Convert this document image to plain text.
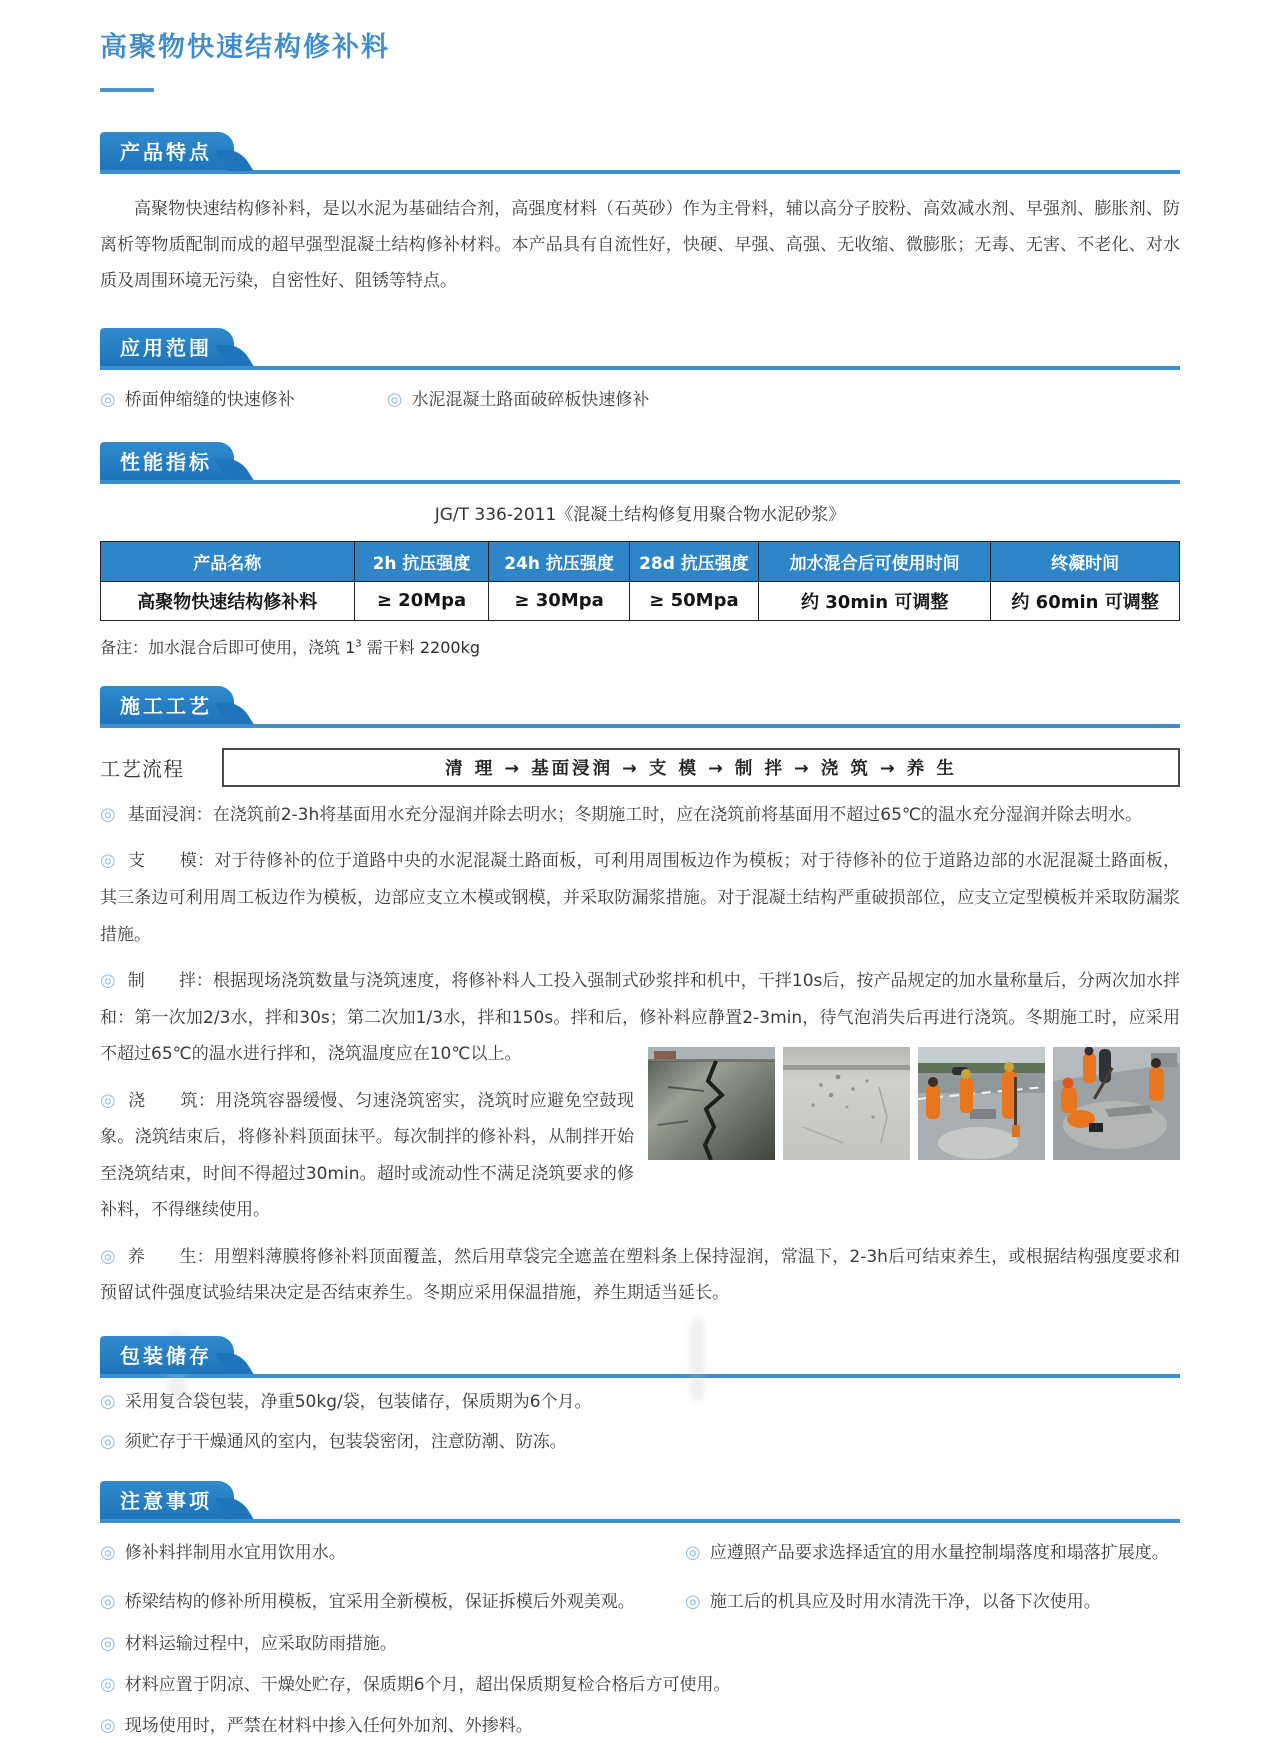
高聚物快速结构修补料
产品特点

高聚物快速结构修补料，是以水泥为基础结合剂，高强度材料（石英砂）作为主骨料，辅以高分子胶粉、高效减水剂、早强剂、膨胀剂、防离析等物质配制而成的超早强型混凝土结构修补材料。本产品具有自流性好，快硬、早强、高强、无收缩、微膨胀；无毒、无害、不老化、对水质及周围环境无污染，自密性好、阻锈等特点。

应用范围
◎ 桥面伸缩缝的快速修补	◎ 水泥混凝土路面破碎板快速修补
性能指标
JG/T 336-2011《混凝土结构修复用聚合物水泥砂浆》
产品名称	2h 抗压强度	24h 抗压强度	28d 抗压强度	加水混合后可使用时间	终凝时间
高聚物快速结构修补料	≥ 20Mpa	≥ 30Mpa	≥ 50Mpa	约 30min 可调整	约 60min 可调整
备注：加水混合后即可使用，浇筑 $1^3$ 需干料 2200kg
施工工艺
工艺流程	清 理 → 基面浸润 → 支 模 → 制 拌 → 浇 筑 → 养 生

◎ 基面浸润：在浇筑前2-3h将基面用水充分湿润并除去明水；冬期施工时，应在浇筑前将基面用不超过65℃的温水充分湿润并除去明水。

◎ 支　　模：对于待修补的位于道路中央的水泥混凝土路面板，可利用周围板边作为模板；对于待修补的位于道路边部的水泥混凝土路面板，其三条边可利用周工板边作为模板，边部应支立木模或钢模，并采取防漏浆措施。对于混凝土结构严重破损部位，应支立定型模板并采取防漏浆措施。

◎ 制　　拌：根据现场浇筑数量与浇筑速度，将修补料人工投入强制式砂浆拌和机中，干拌10s后，按产品规定的加水量称量后，分两次加水拌和：第一次加2/3水，拌和30s；第二次加1/3水，拌和150s。拌和后，修补料应静置2-3min，待气泡消失后再进行浇筑。冬期施工时，应采用不超过65℃的温水进行拌和，浇筑温度应在10℃以上。

◎ 浇　　筑：用浇筑容器缓慢、匀速浇筑密实，浇筑时应避免空鼓现象。浇筑结束后，将修补料顶面抹平。每次制拌的修补料，从制拌开始至浇筑结束，时间不得超过30min。超时或流动性不满足浇筑要求的修补料，不得继续使用。

◎ 养　　生：用塑料薄膜将修补料顶面覆盖，然后用草袋完全遮盖在塑料条上保持湿润，常温下，2-3h后可结束养生，或根据结构强度要求和预留试件强度试验结果决定是否结束养生。冬期应采用保温措施，养生期适当延长。

包装储存
◎ 采用复合袋包装，净重50kg/袋，包装储存，保质期为6个月。
◎ 须贮存于干燥通风的室内，包装袋密闭，注意防潮、防冻。
注意事项
◎ 修补料拌制用水宜用饮用水。	◎ 应遵照产品要求选择适宜的用水量控制塌落度和塌落扩展度。
◎ 桥梁结构的修补所用模板，宜采用全新模板，保证拆模后外观美观。	◎ 施工后的机具应及时用水清洗干净，以备下次使用。
◎ 材料运输过程中，应采取防雨措施。
◎ 材料应置于阴凉、干燥处贮存，保质期6个月，超出保质期复检合格后方可使用。
◎ 现场使用时，严禁在材料中掺入任何外加剂、外掺料。
